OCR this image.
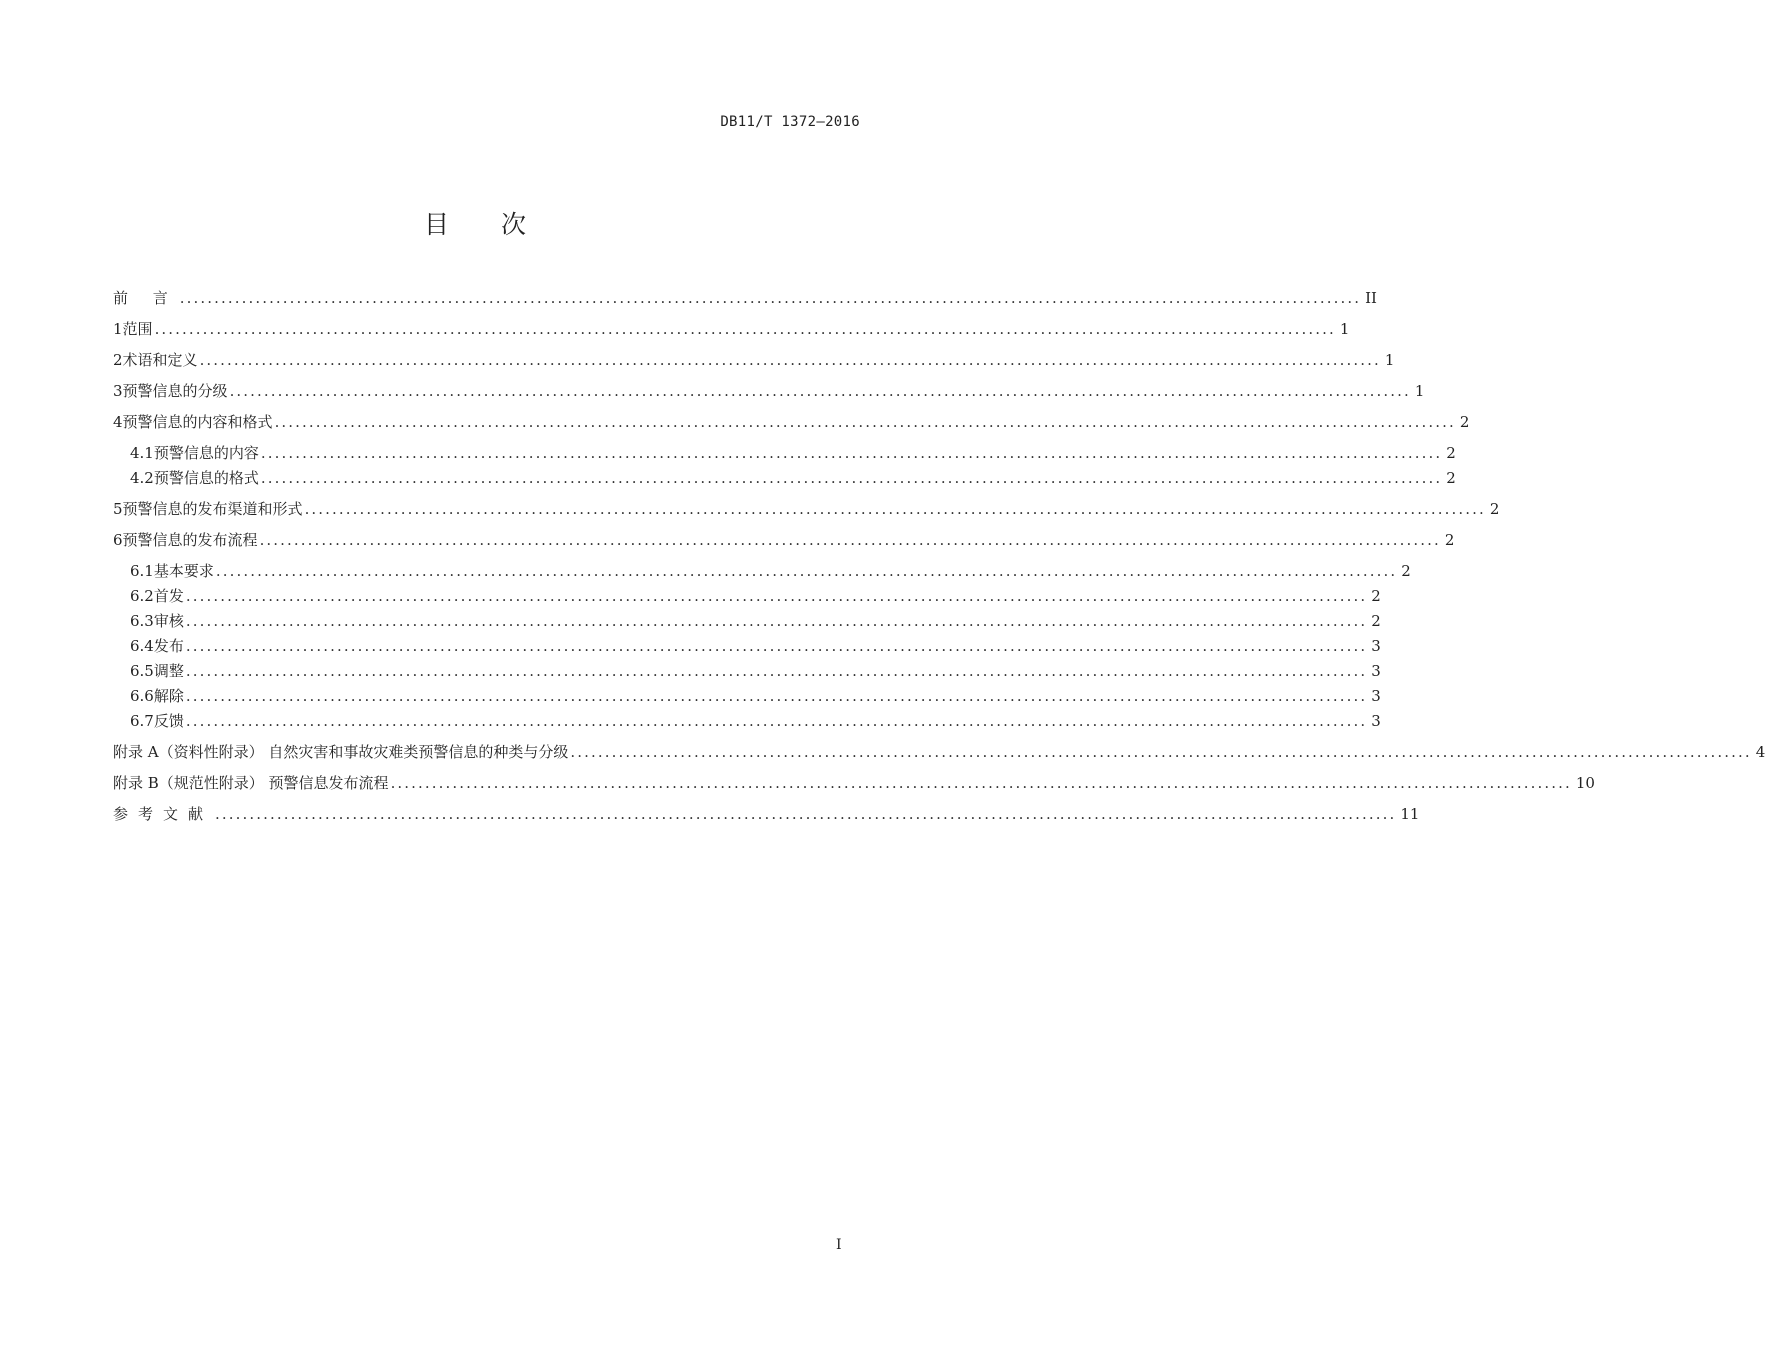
DB11/T 1372—2016
目 次
前 言 ............................................................................................................................................................................ II
1 范围 ............................................................................................................................................................................ 1
2 术语和定义 ............................................................................................................................................................................ 1
3 预警信息的分级 ............................................................................................................................................................................ 1
4 预警信息的内容和格式 ............................................................................................................................................................................ 2
4.1 预警信息的内容 ............................................................................................................................................................................ 2
4.2 预警信息的格式 ............................................................................................................................................................................ 2
5 预警信息的发布渠道和形式 ............................................................................................................................................................................ 2
6 预警信息的发布流程 ............................................................................................................................................................................ 2
6.1 基本要求 ............................................................................................................................................................................ 2
6.2 首发 ............................................................................................................................................................................ 2
6.3 审核 ............................................................................................................................................................................ 2
6.4 发布 ............................................................................................................................................................................ 3
6.5 调整 ............................................................................................................................................................................ 3
6.6 解除 ............................................................................................................................................................................ 3
6.7 反馈 ............................................................................................................................................................................ 3
附录 A（资料性附录） 自然灾害和事故灾难类预警信息的种类与分级 ............................................................................................................................................................................ 4
附录 B（规范性附录） 预警信息发布流程 ............................................................................................................................................................................ 10
参考文献 ............................................................................................................................................................................ 11
I
